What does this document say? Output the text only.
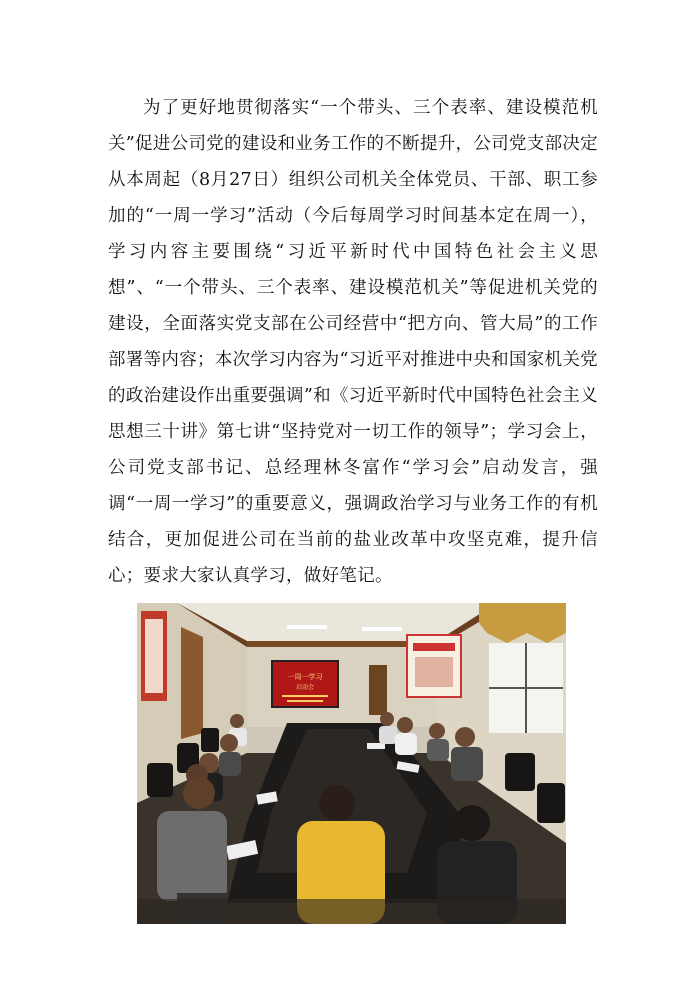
为了更好地贯彻落实“一个带头、三个表率、建设模范机关”促进公司党的建设和业务工作的不断提升，公司党支部决定从本周起（8月27日）组织公司机关全体党员、干部、职工参加的“一周一学习”活动（今后每周学习时间基本定在周一），学习内容主要围绕“习近平新时代中国特色社会主义思想”、“一个带头、三个表率、建设模范机关”等促进机关党的建设，全面落实党支部在公司经营中“把方向、管大局”的工作部署等内容；本次学习内容为“习近平对推进中央和国家机关党的政治建设作出重要强调”和《习近平新时代中国特色社会主义思想三十讲》第七讲“坚持党对一切工作的领导”；学习会上，公司党支部书记、总经理林冬富作“学习会”启动发言，强调“一周一学习”的重要意义，强调政治学习与业务工作的有机结合，更加促进公司在当前的盐业改革中攻坚克难，提升信心；要求大家认真学习，做好笔记。

一周一学习
启动会
